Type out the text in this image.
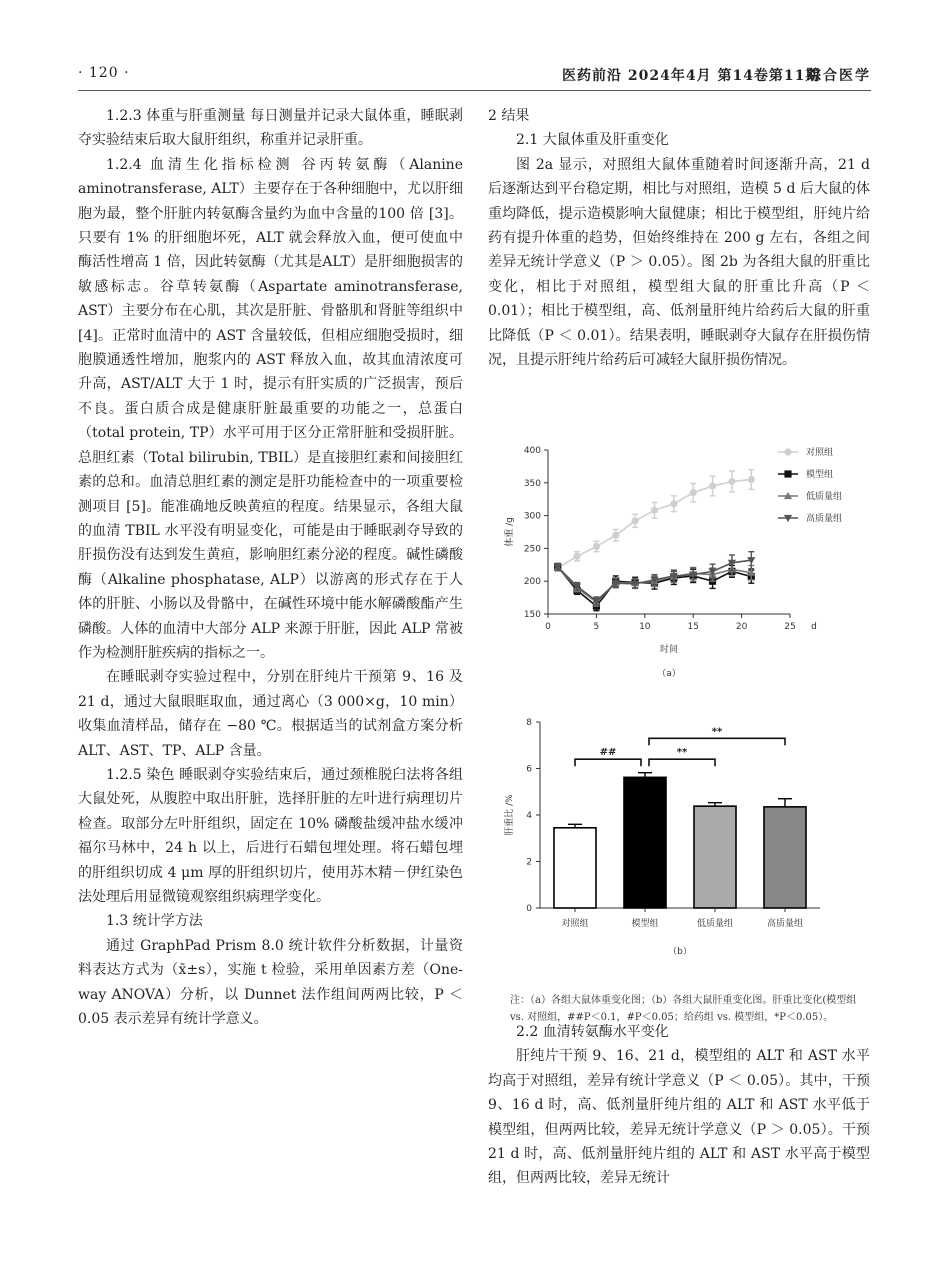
· 120 ·	医药前沿 2024年4月 第14卷第11期
综合医学

1.2.3 体重与肝重测量 每日测量并记录大鼠体重，睡眠剥夺实验结束后取大鼠肝组织，称重并记录肝重。

1.2.4 血清生化指标检测 谷丙转氨酶（Alanine aminotransferase, ALT）主要存在于各种细胞中，尤以肝细胞为最，整个肝脏内转氨酶含量约为血中含量的100 倍 [3]。只要有 1% 的肝细胞坏死，ALT 就会释放入血，便可使血中酶活性增高 1 倍，因此转氨酶（尤其是ALT）是肝细胞损害的敏感标志。谷草转氨酶（Aspartate aminotransferase, AST）主要分布在心肌，其次是肝脏、骨骼肌和肾脏等组织中 [4]。正常时血清中的 AST 含量较低，但相应细胞受损时，细胞膜通透性增加，胞浆内的 AST 释放入血，故其血清浓度可升高，AST/ALT 大于 1 时，提示有肝实质的广泛损害，预后不良。蛋白质合成是健康肝脏最重要的功能之一，总蛋白（total protein, TP）水平可用于区分正常肝脏和受损肝脏。总胆红素（Total bilirubin, TBIL）是直接胆红素和间接胆红素的总和。血清总胆红素的测定是肝功能检查中的一项重要检测项目 [5]。能准确地反映黄疸的程度。结果显示，各组大鼠的血清 TBIL 水平没有明显变化，可能是由于睡眠剥夺导致的肝损伤没有达到发生黄疸，影响胆红素分泌的程度。碱性磷酸酶（Alkaline phosphatase, ALP）以游离的形式存在于人体的肝脏、小肠以及骨骼中，在碱性环境中能水解磷酸酯产生磷酸。人体的血清中大部分 ALP 来源于肝脏，因此 ALP 常被作为检测肝脏疾病的指标之一。

在睡眠剥夺实验过程中，分别在肝纯片干预第 9、16 及 21 d，通过大鼠眼眶取血，通过离心（3 000×g，10 min）收集血清样品，储存在 −80 ℃。根据适当的试剂盒方案分析 ALT、AST、TP、ALP 含量。

1.2.5 染色 睡眠剥夺实验结束后，通过颈椎脱臼法将各组大鼠处死，从腹腔中取出肝脏，选择肝脏的左叶进行病理切片检查。取部分左叶肝组织，固定在 10% 磷酸盐缓冲盐水缓冲福尔马林中，24 h 以上，后进行石蜡包埋处理。将石蜡包埋的肝组织切成 4 μm 厚的肝组织切片，使用苏木精－伊红染色法处理后用显微镜观察组织病理学变化。

1.3 统计学方法

通过 GraphPad Prism 8.0 统计软件分析数据，计量资料表达方式为（x̄±s），实施 t 检验，采用单因素方差（One-way ANOVA）分析，以 Dunnet 法作组间两两比较，P ＜ 0.05 表示差异有统计学意义。

2 结果

2.1 大鼠体重及肝重变化

图 2a 显示，对照组大鼠体重随着时间逐渐升高，21 d 后逐渐达到平台稳定期，相比与对照组，造模 5 d 后大鼠的体重均降低，提示造模影响大鼠健康；相比于模型组，肝纯片给药有提升体重的趋势，但始终维持在 200 g 左右，各组之间差异无统计学意义（P ＞ 0.05）。图 2b 为各组大鼠的肝重比变化，相比于对照组，模型组大鼠的肝重比升高（P ＜ 0.01）；相比于模型组，高、低剂量肝纯片给药后大鼠的肝重比降低（P ＜ 0.01）。结果表明，睡眠剥夺大鼠存在肝损伤情况，且提示肝纯片给药后可减轻大鼠肝损伤情况。

150
200
250
300
350
400
0	5	10	15	20	25 d
时间
体重 /g
（a）
对照组
模型组
低质量组
高质量组
0
2
4
6
8
肝重比 /%
对照组	模型组	低质量组	高质量组
##	**
**
（b）
注：（a）各组大鼠体重变化图；（b）各组大鼠肝重变化图。肝重比变化(模型组 vs. 对照组，##P＜0.1，#P＜0.05；给药组 vs. 模型组，*P＜0.05）。

2.2 血清转氨酶水平变化

肝纯片干预 9、16、21 d，模型组的 ALT 和 AST 水平均高于对照组，差异有统计学意义（P ＜ 0.05）。其中，干预 9、16 d 时，高、低剂量肝纯片组的 ALT 和 AST 水平低于模型组，但两两比较，差异无统计学意义（P ＞ 0.05）。干预 21 d 时，高、低剂量肝纯片组的 ALT 和 AST 水平高于模型组，但两两比较，差异无统计
